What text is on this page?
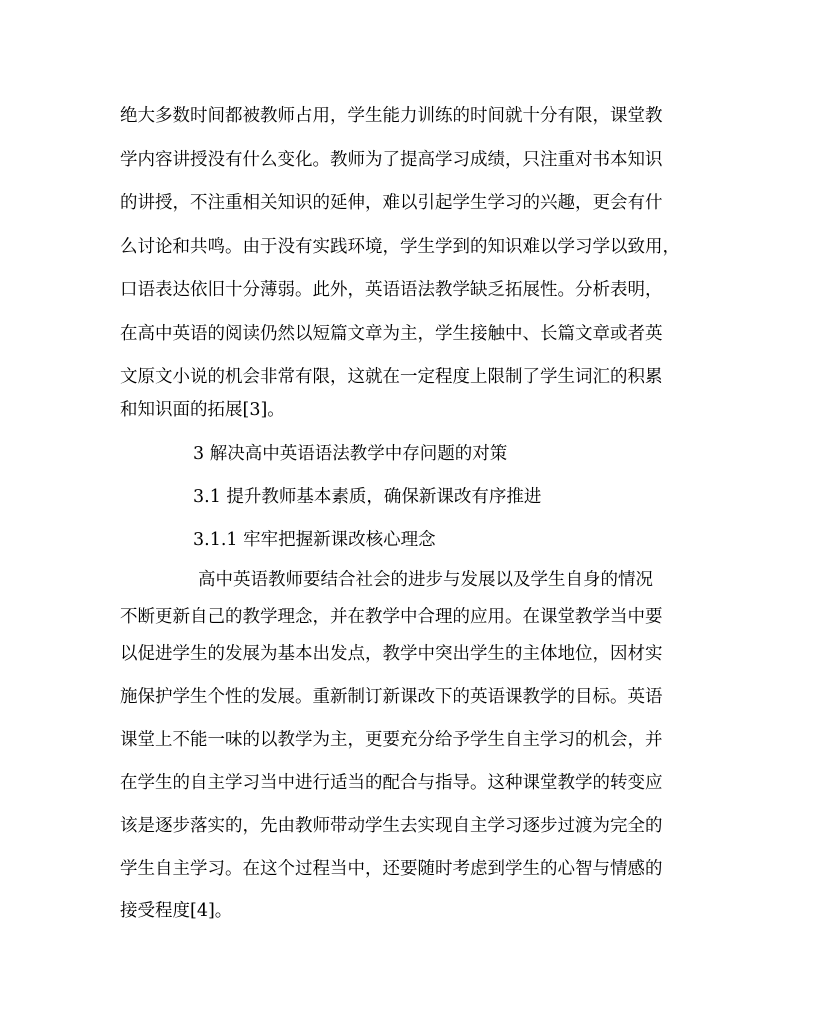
绝大多数时间都被教师占用，学生能力训练的时间就十分有限，课堂教
学内容讲授没有什么变化。教师为了提高学习成绩，只注重对书本知识
的讲授，不注重相关知识的延伸，难以引起学生学习的兴趣，更会有什
么讨论和共鸣。由于没有实践环境，学生学到的知识难以学习学以致用，
口语表达依旧十分薄弱。此外，英语语法教学缺乏拓展性。分析表明，
在高中英语的阅读仍然以短篇文章为主，学生接触中、长篇文章或者英
文原文小说的机会非常有限，这就在一定程度上限制了学生词汇的积累
和知识面的拓展[3]。
3 解决高中英语语法教学中存问题的对策
3.1 提升教师基本素质，确保新课改有序推进
3.1.1 牢牢把握新课改核心理念
高中英语教师要结合社会的进步与发展以及学生自身的情况
不断更新自己的教学理念，并在教学中合理的应用。在课堂教学当中要
以促进学生的发展为基本出发点，教学中突出学生的主体地位，因材实
施保护学生个性的发展。重新制订新课改下的英语课教学的目标。英语
课堂上不能一味的以教学为主，更要充分给予学生自主学习的机会，并
在学生的自主学习当中进行适当的配合与指导。这种课堂教学的转变应
该是逐步落实的，先由教师带动学生去实现自主学习逐步过渡为完全的
学生自主学习。在这个过程当中，还要随时考虑到学生的心智与情感的
接受程度[4]。
